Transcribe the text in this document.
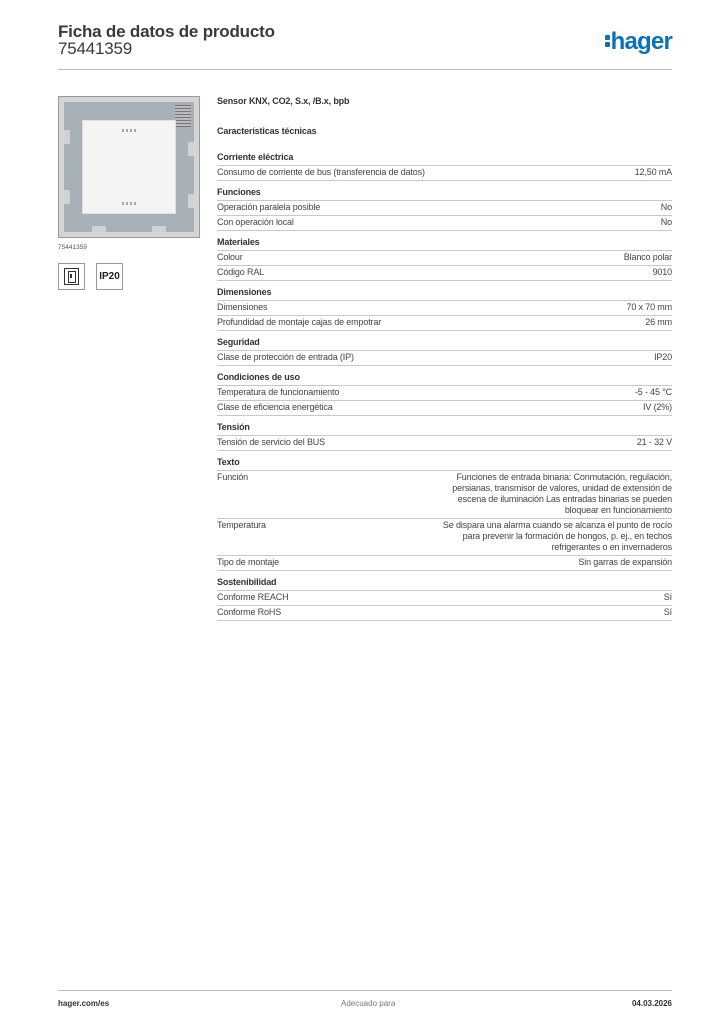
Ficha de datos de producto
75441359	hager
75441359
IP20
Sensor KNX, CO2, S.x, /B.x, bpb
Características técnicas
Corriente eléctrica
Consumo de corriente de bus (transferencia de datos)	12,50 mA
Funciones
Operación paralela posible	No
Con operación local	No
Materiales
Colour	Blanco polar
Código RAL	9010
Dimensiones
Dimensiones	70 x 70 mm
Profundidad de montaje cajas de empotrar	26 mm
Seguridad
Clase de protección de entrada (IP)	IP20
Condiciones de uso
Temperatura de funcionamiento	-5 - 45 °C
Clase de eficiencia energética	IV (2%)
Tensión
Tensión de servicio del BUS	21 - 32 V
Texto
Función	Funciones de entrada binaria: Conmutación, regulación, persianas, transmisor de valores, unidad de extensión de escena de iluminación Las entradas binarias se pueden bloquear en funcionamiento
Temperatura	Se dispara una alarma cuando se alcanza el punto de rocío para prevenir la formación de hongos, p. ej., en techos refrigerantes o en invernaderos
Tipo de montaje	Sin garras de expansión
Sostenibilidad
Conforme REACH	Sí
Conforme RoHS	Sí
hager.com/es	Adecuado para	04.03.2026
